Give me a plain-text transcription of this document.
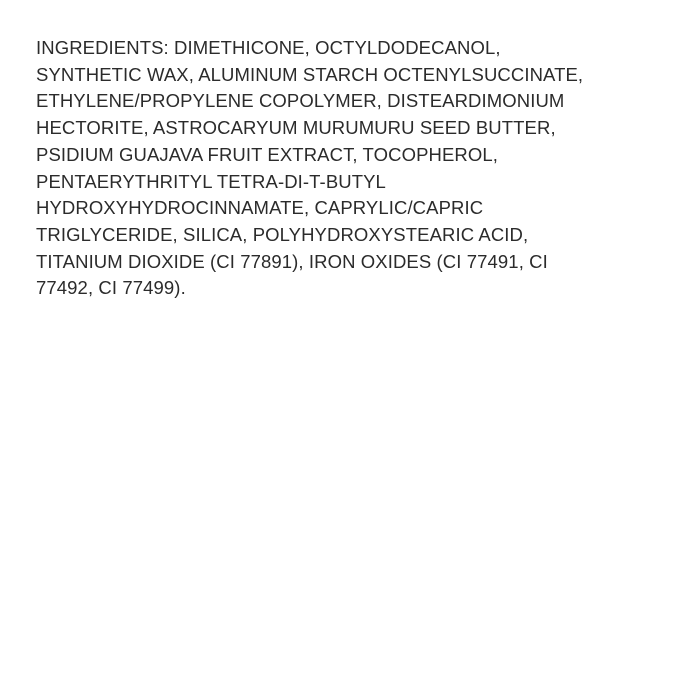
INGREDIENTS: DIMETHICONE, OCTYLDODECANOL,

SYNTHETIC WAX, ALUMINUM STARCH OCTENYLSUCCINATE,

ETHYLENE/PROPYLENE COPOLYMER, DISTEARDIMONIUM

HECTORITE, ASTROCARYUM MURUMURU SEED BUTTER,

PSIDIUM GUAJAVA FRUIT EXTRACT, TOCOPHEROL,

PENTAERYTHRITYL TETRA-DI-T-BUTYL

HYDROXYHYDROCINNAMATE, CAPRYLIC/CAPRIC

TRIGLYCERIDE, SILICA, POLYHYDROXYSTEARIC ACID,

TITANIUM DIOXIDE (CI 77891), IRON OXIDES (CI 77491, CI

77492, CI 77499).
